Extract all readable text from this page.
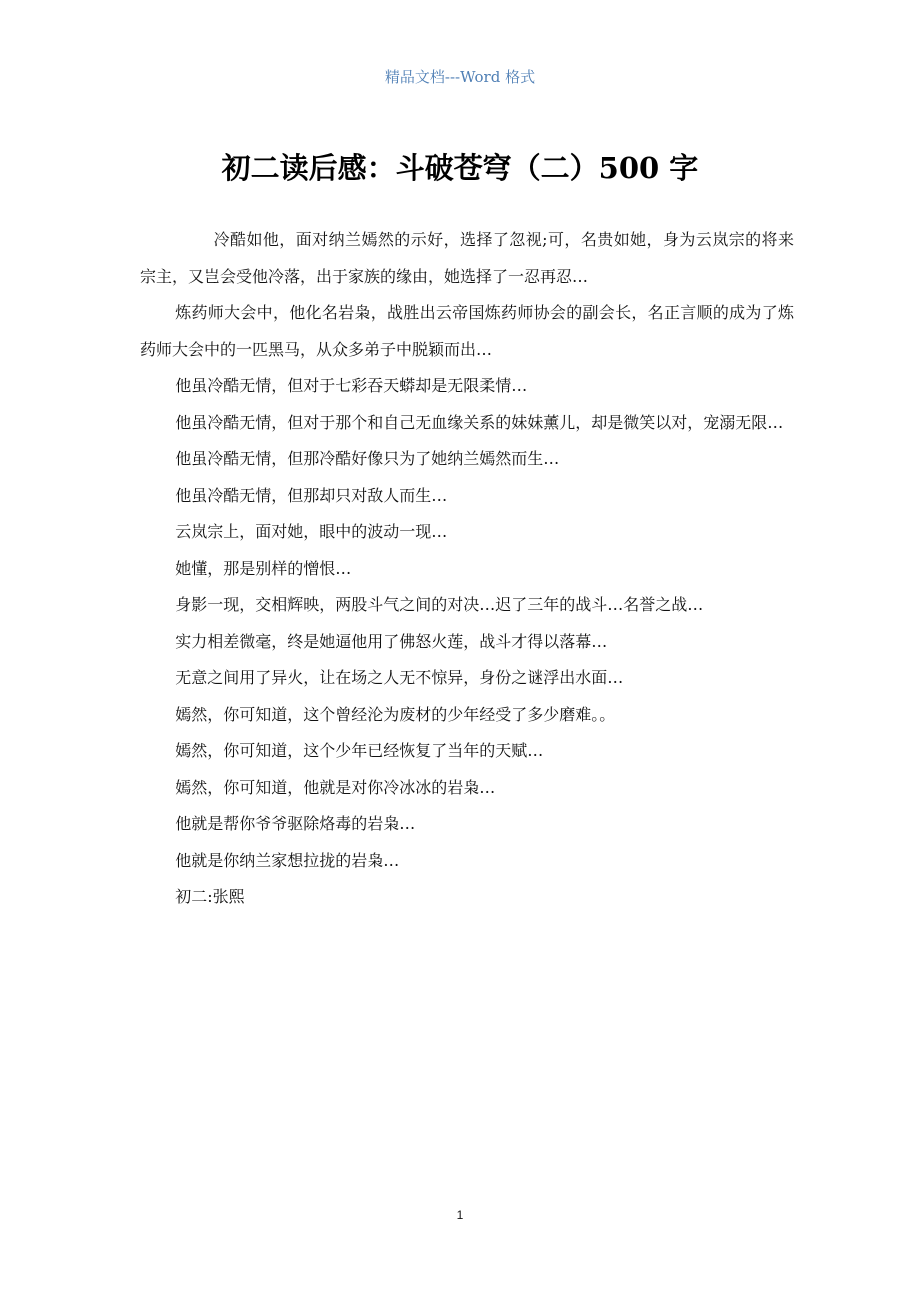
精品文档---Word 格式
初二读后感：斗破苍穹（二）500 字

冷酷如他，面对纳兰嫣然的示好，选择了忽视;可，名贵如她，身为云岚宗的将来宗主，又岂会受他冷落，出于家族的缘由，她选择了一忍再忍…

炼药师大会中，他化名岩枭，战胜出云帝国炼药师协会的副会长，名正言顺的成为了炼药师大会中的一匹黑马，从众多弟子中脱颖而出…

他虽冷酷无情，但对于七彩吞天蟒却是无限柔情…

他虽冷酷无情，但对于那个和自己无血缘关系的妹妹薰儿，却是微笑以对，宠溺无限…

他虽冷酷无情，但那冷酷好像只为了她纳兰嫣然而生…

他虽冷酷无情，但那却只对敌人而生…

云岚宗上，面对她，眼中的波动一现…

她懂，那是别样的憎恨…

身影一现，交相辉映，两股斗气之间的对决…迟了三年的战斗…名誉之战…

实力相差微毫，终是她逼他用了佛怒火莲，战斗才得以落幕…

无意之间用了异火，让在场之人无不惊异，身份之谜浮出水面…

嫣然，你可知道，这个曾经沦为废材的少年经受了多少磨难。。

嫣然，你可知道，这个少年已经恢复了当年的天赋…

嫣然，你可知道，他就是对你冷冰冰的岩枭…

他就是帮你爷爷驱除烙毒的岩枭…

他就是你纳兰家想拉拢的岩枭…

初二:张熙

1
